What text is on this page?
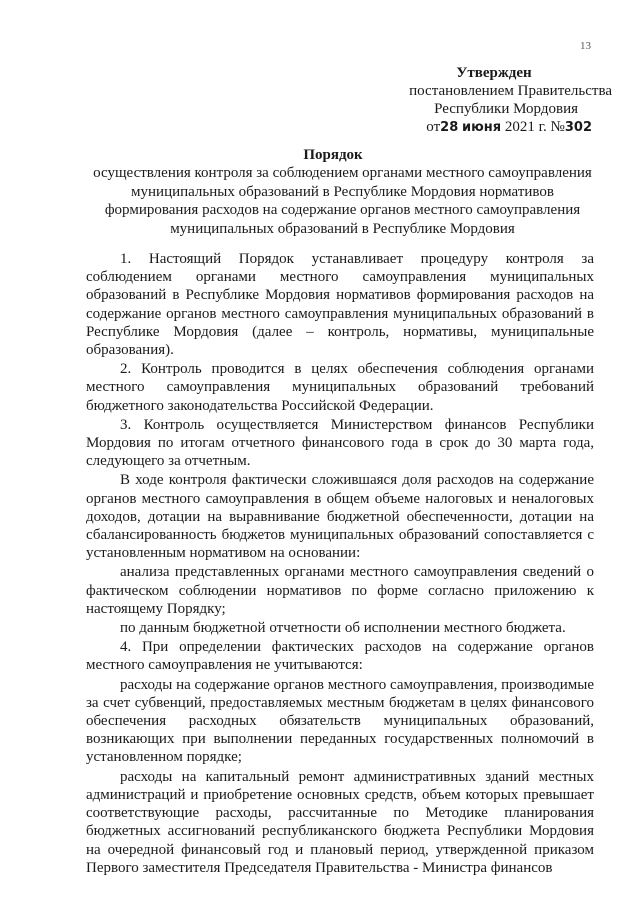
13
Утвержден
постановлением Правительства
Республики Мордовия
от28 июня 2021 г. №302
Порядок
осуществления контроля за соблюдением органами местного самоуправления муниципальных образований в Республике Мордовия нормативов формирования расходов на содержание органов местного самоуправления муниципальных образований в Республике Мордовия

1. Настоящий Порядок устанавливает процедуру контроля за соблюдением органами местного самоуправления муниципальных образований в Республике Мордовия нормативов формирования расходов на содержание органов местного самоуправления муниципальных образований в Республике Мордовия (далее – контроль, нормативы, муниципальные образования).

2. Контроль проводится в целях обеспечения соблюдения органами местного самоуправления муниципальных образований требований бюджетного законодательства Российской Федерации.

3. Контроль осуществляется Министерством финансов Республики Мордовия по итогам отчетного финансового года в срок до 30 марта года, следующего за отчетным.

В ходе контроля фактически сложившаяся доля расходов на содержание органов местного самоуправления в общем объеме налоговых и неналоговых доходов, дотации на выравнивание бюджетной обеспеченности, дотации на сбалансированность бюджетов муниципальных образований сопоставляется с установленным нормативом на основании:

анализа представленных органами местного самоуправления сведений о фактическом соблюдении нормативов по форме согласно приложению к настоящему Порядку;

по данным бюджетной отчетности об исполнении местного бюджета.

4. При определении фактических расходов на содержание органов местного самоуправления не учитываются:

расходы на содержание органов местного самоуправления, производимые за счет субвенций, предоставляемых местным бюджетам в целях финансового обеспечения расходных обязательств муниципальных образований, возникающих при выполнении переданных государственных полномочий в установленном порядке;

расходы на капитальный ремонт административных зданий местных администраций и приобретение основных средств, объем которых превышает соответствующие расходы, рассчитанные по Методике планирования бюджетных ассигнований республиканского бюджета Республики Мордовия на очередной финансовый год и плановый период, утвержденной приказом Первого заместителя Председателя Правительства - Министра финансов
